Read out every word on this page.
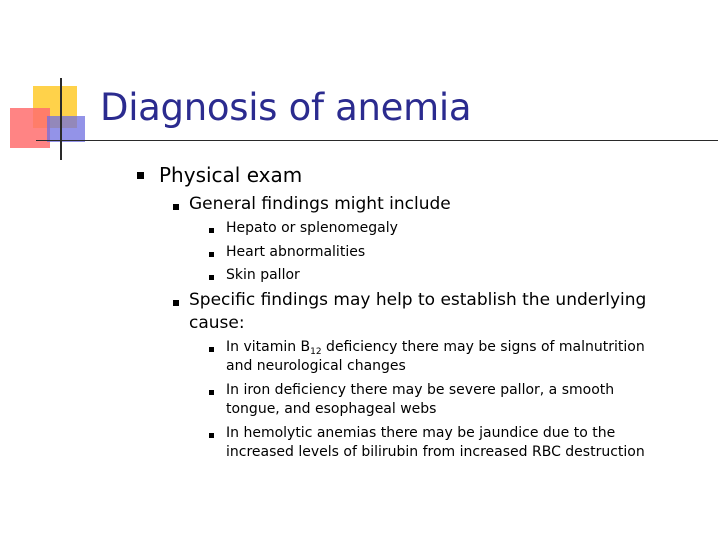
Diagnosis of anemia
Physical exam
General findings might include
Hepato or splenomegaly
Heart abnormalities
Skin pallor
Specific findings may help to establish the underlying
cause:
In vitamin $B_{12}$ deficiency there may be signs of malnutrition
and neurological changes
In iron deficiency there may be severe pallor, a smooth
tongue, and esophageal webs
In hemolytic anemias there may be jaundice due to the
increased levels of bilirubin from increased RBC destruction
